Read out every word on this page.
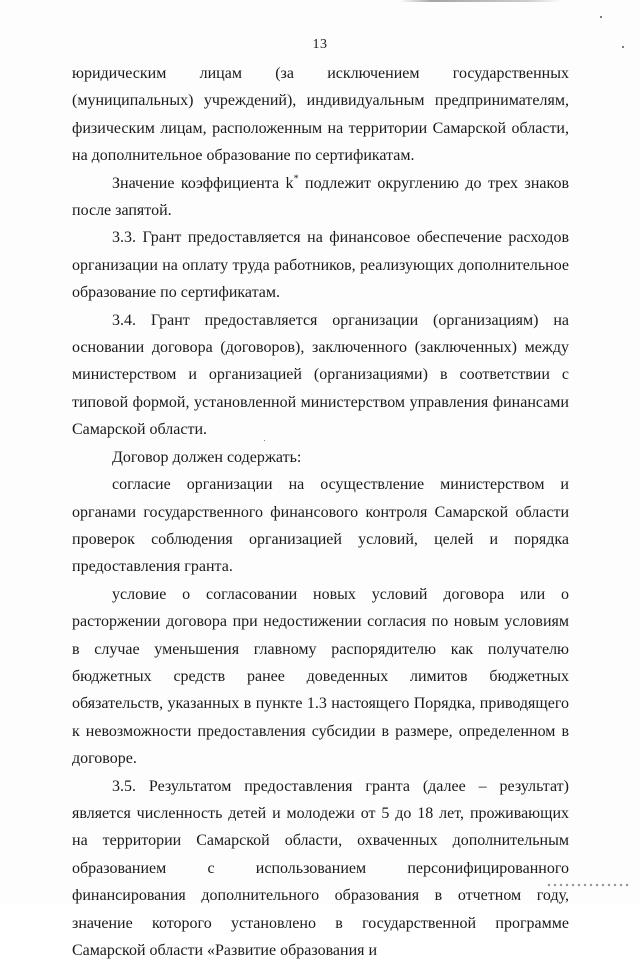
13

юридическим лицам (за исключением государственных (муниципальных) учреждений), индивидуальным предпринимателям, физическим лицам, расположенным на территории Самарской области, на дополнительное образование по сертификатам.

Значение коэффициента k* подлежит округлению до трех знаков после запятой.

3.3. Грант предоставляется на финансовое обеспечение расходов организации на оплату труда работников, реализующих дополнительное образование по сертификатам.

3.4. Грант предоставляется организации (организациям) на основании договора (договоров), заключенного (заключенных) между министерством и организацией (организациями) в соответствии с типовой формой, установленной министерством управления финансами Самарской области.

Договор должен содержать:

согласие организации на осуществление министерством и органами государственного финансового контроля Самарской области проверок соблюдения организацией условий, целей и порядка предоставления гранта.

условие о согласовании новых условий договора или о расторжении договора при недостижении согласия по новым условиям в случае уменьшения главному распорядителю как получателю бюджетных средств ранее доведенных лимитов бюджетных обязательств, указанных в пункте 1.3 настоящего Порядка, приводящего к невозможности предоставления субсидии в размере, определенном в договоре.

3.5. Результатом предоставления гранта (далее – результат) является численность детей и молодежи от 5 до 18 лет, проживающих на территории Самарской области, охваченных дополнительным образованием с использованием персонифицированного финансирования дополнительного образования в отчетном году, значение которого установлено в государственной программе Самарской области «Развитие образования и
